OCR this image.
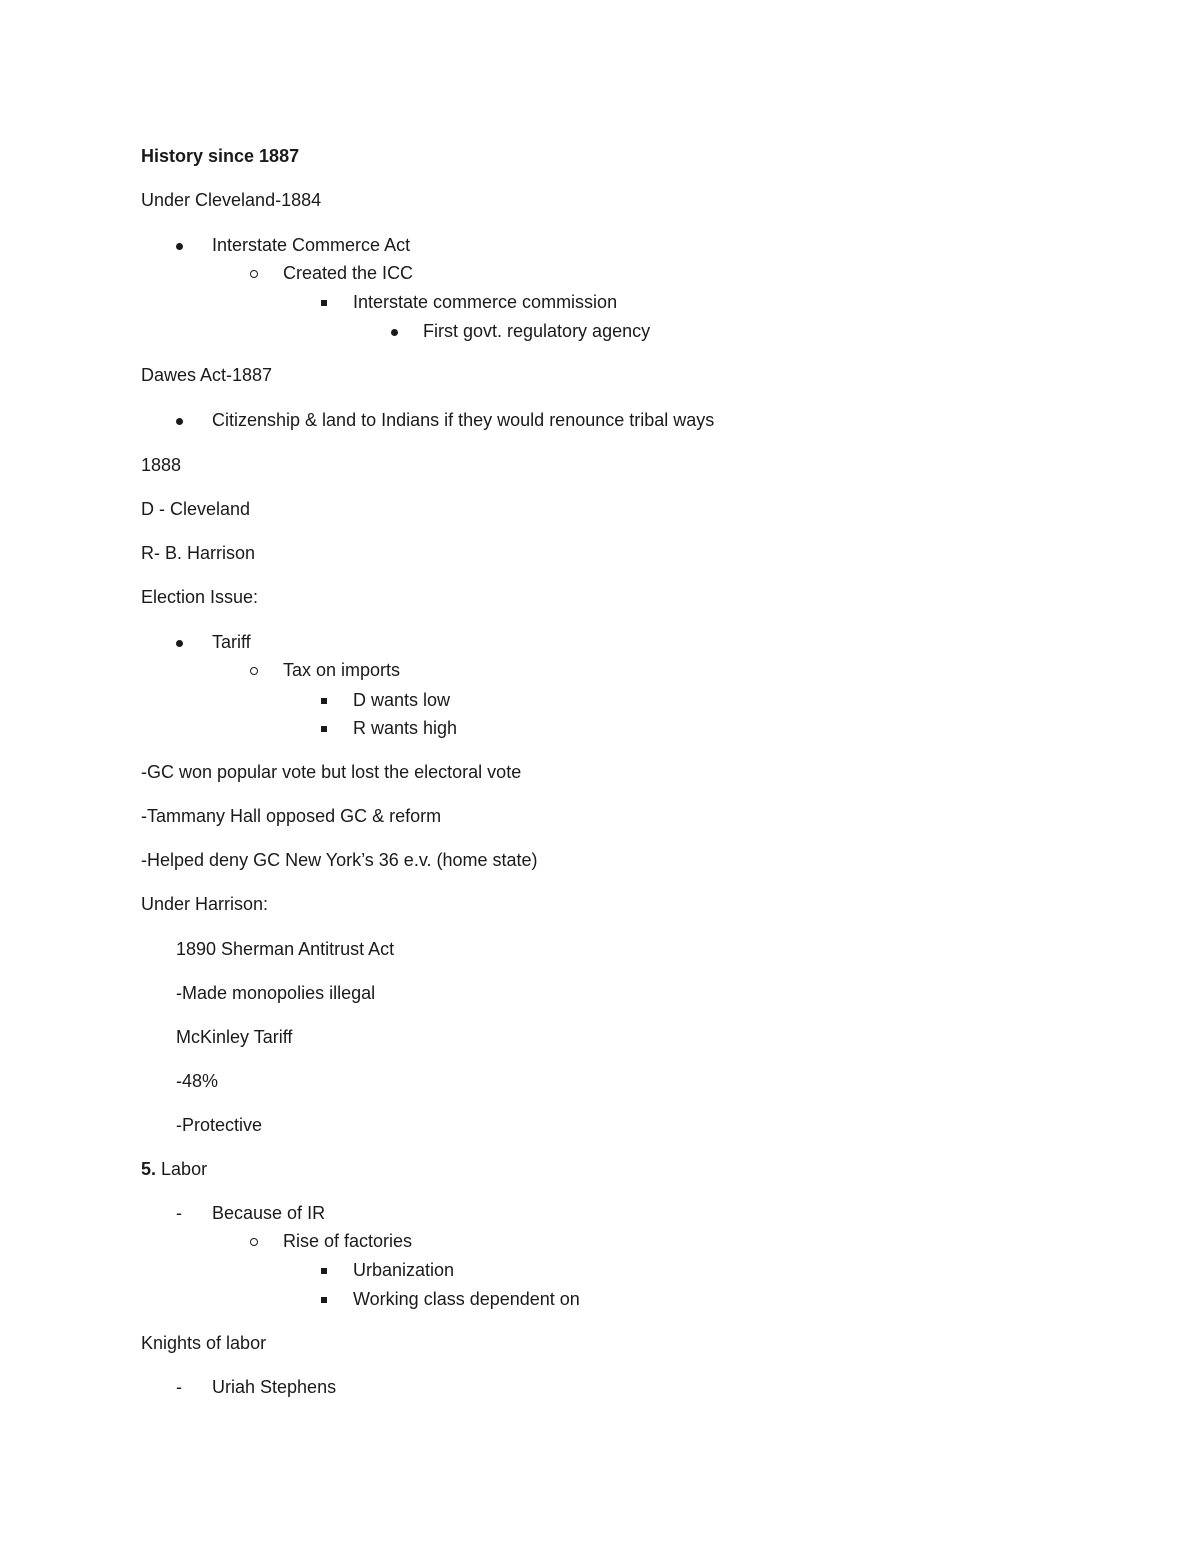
History since 1887
Under Cleveland-1884
Interstate Commerce Act
Created the ICC
Interstate commerce commission
First govt. regulatory agency
Dawes Act-1887
Citizenship & land to Indians if they would renounce tribal ways
1888
D - Cleveland
R- B. Harrison
Election Issue:
Tariff
Tax on imports
D wants low
R wants high
-GC won popular vote but lost the electoral vote
-Tammany Hall opposed GC & reform
-Helped deny GC New York’s 36 e.v. (home state)
Under Harrison:
1890 Sherman Antitrust Act
-Made monopolies illegal
McKinley Tariff
-48%
-Protective
5. Labor
- Because of IR
Rise of factories
Urbanization
Working class dependent on
Knights of labor
- Uriah Stephens
